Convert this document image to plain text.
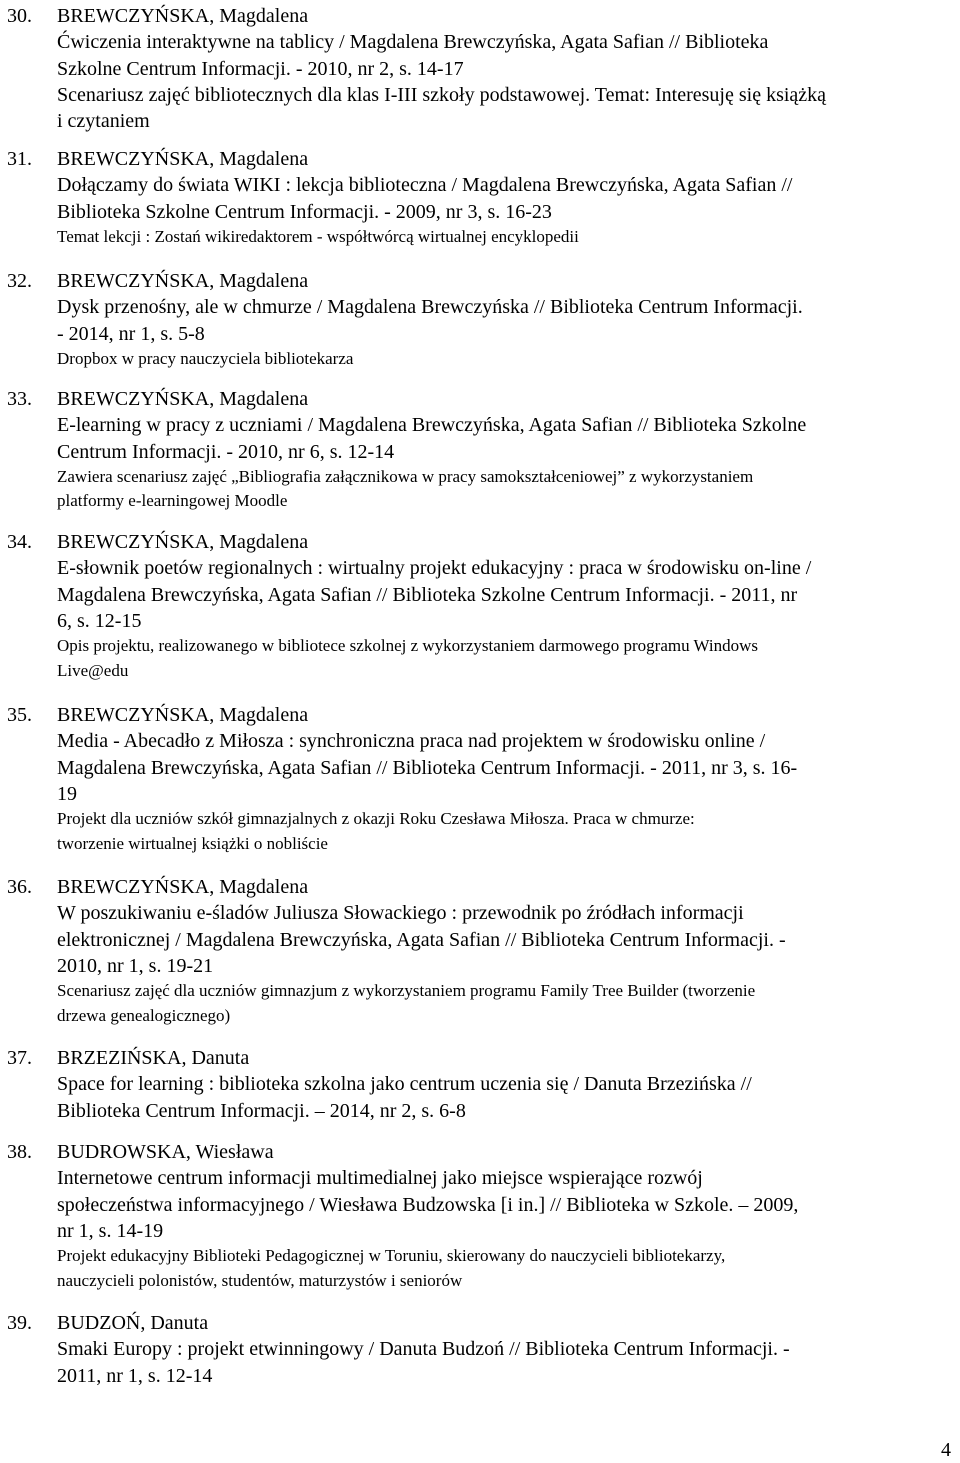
30. BREWCZYŃSKA, Magdalena
Ćwiczenia interaktywne na tablicy / Magdalena Brewczyńska, Agata Safian // Biblioteka
Szkolne Centrum Informacji. - 2010, nr 2, s. 14-17
Scenariusz zajęć bibliotecznych dla klas I-III szkoły podstawowej. Temat: Interesuję się książką
i czytaniem
31. BREWCZYŃSKA, Magdalena
Dołączamy do świata WIKI : lekcja biblioteczna / Magdalena Brewczyńska, Agata Safian //
Biblioteka Szkolne Centrum Informacji. - 2009, nr 3, s. 16-23
Temat lekcji : Zostań wikiredaktorem - współtwórcą wirtualnej encyklopedii
32. BREWCZYŃSKA, Magdalena
Dysk przenośny, ale w chmurze / Magdalena Brewczyńska // Biblioteka Centrum Informacji.
- 2014, nr 1, s. 5-8
Dropbox w pracy nauczyciela bibliotekarza
33. BREWCZYŃSKA, Magdalena
E-learning w pracy z uczniami / Magdalena Brewczyńska, Agata Safian // Biblioteka Szkolne
Centrum Informacji. - 2010, nr 6, s. 12-14
Zawiera scenariusz zajęć „Bibliografia załącznikowa w pracy samokształceniowej” z wykorzystaniem
platformy e-learningowej Moodle
34. BREWCZYŃSKA, Magdalena
E-słownik poetów regionalnych : wirtualny projekt edukacyjny : praca w środowisku on-line /
Magdalena Brewczyńska, Agata Safian // Biblioteka Szkolne Centrum Informacji. - 2011, nr
6, s. 12-15
Opis projektu, realizowanego w bibliotece szkolnej z wykorzystaniem darmowego programu Windows
Live@edu
35. BREWCZYŃSKA, Magdalena
Media - Abecadło z Miłosza : synchroniczna praca nad projektem w środowisku online /
Magdalena Brewczyńska, Agata Safian // Biblioteka Centrum Informacji. - 2011, nr 3, s. 16-
19
Projekt dla uczniów szkół gimnazjalnych z okazji Roku Czesława Miłosza. Praca w chmurze:
tworzenie wirtualnej książki o nobliście
36. BREWCZYŃSKA, Magdalena
W poszukiwaniu e-śladów Juliusza Słowackiego : przewodnik po źródłach informacji
elektronicznej / Magdalena Brewczyńska, Agata Safian // Biblioteka Centrum Informacji. -
2010, nr 1, s. 19-21
Scenariusz zajęć dla uczniów gimnazjum z wykorzystaniem programu Family Tree Builder (tworzenie
drzewa genealogicznego)
37. BRZEZIŃSKA, Danuta
Space for learning : biblioteka szkolna jako centrum uczenia się / Danuta Brzezińska //
Biblioteka Centrum Informacji. – 2014, nr 2, s. 6-8
38. BUDROWSKA, Wiesława
Internetowe centrum informacji multimedialnej jako miejsce wspierające rozwój
społeczeństwa informacyjnego / Wiesława Budzowska [i in.] // Biblioteka w Szkole. – 2009,
nr 1, s. 14-19
Projekt edukacyjny Biblioteki Pedagogicznej w Toruniu, skierowany do nauczycieli bibliotekarzy,
nauczycieli polonistów, studentów, maturzystów i seniorów
39. BUDZOŃ, Danuta
Smaki Europy : projekt etwinningowy / Danuta Budzoń // Biblioteka Centrum Informacji. -
2011, nr 1, s. 12-14
4
